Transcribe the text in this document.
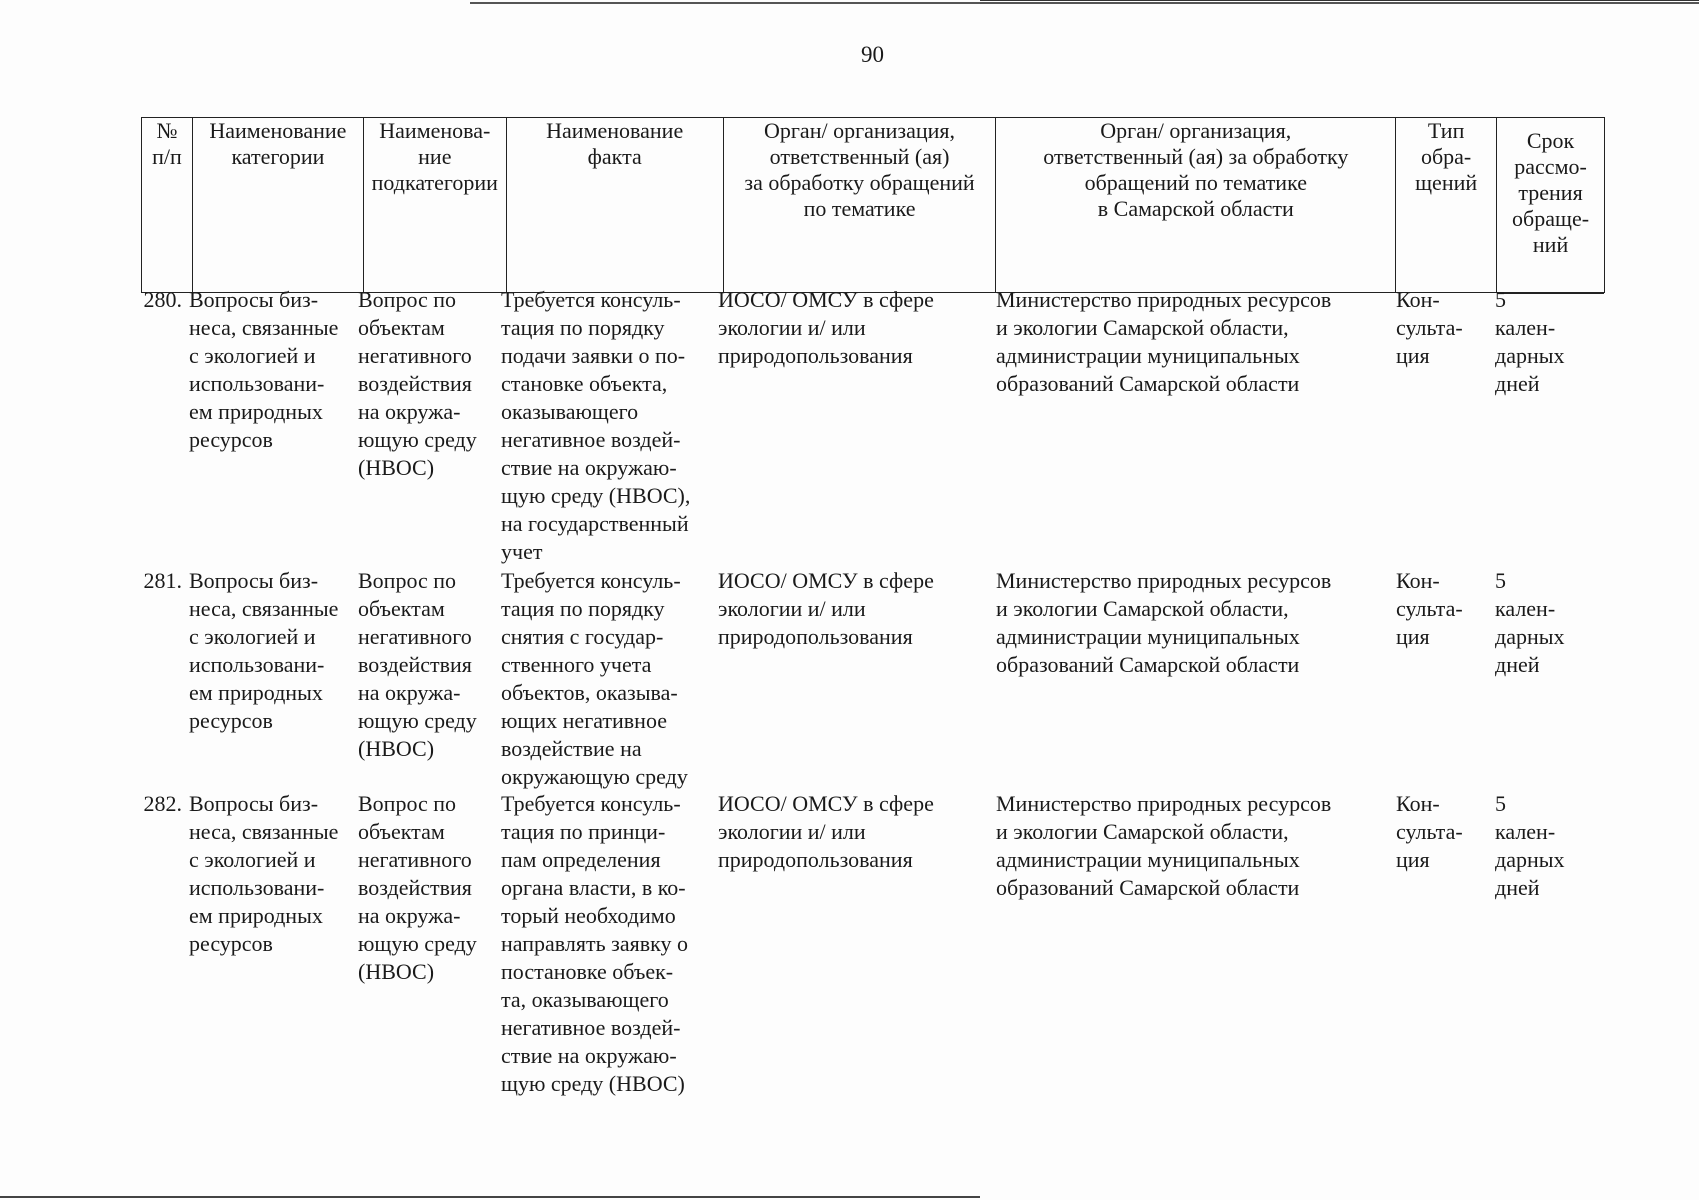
90
№
п/п
Наименование
категории
Наименова-
ние
подкатегории
Наименование
факта
Орган/ организация,
ответственный (ая)
за обработку обращений
по тематике
Орган/ организация,
ответственный (ая) за обработку
обращений по тематике
в Самарской области
Тип
обра-
щений
Срок
рассмо-
трения
обраще-
ний
280. Вопросы биз-
неса, связанные
с экологией и
использовани-
ем природных
ресурсов
Вопрос по
объектам
негативного
воздействия
на окружа-
ющую среду
(НВОС)
Требуется консуль-
тация по порядку
подачи заявки о по-
становке объекта,
оказывающего
негативное воздей-
ствие на окружаю-
щую среду (НВОС),
на государственный
учет
ИОСО/ ОМСУ в сфере
экологии и/ или
природопользования
Министерство природных ресурсов
и экологии Самарской области,
администрации муниципальных
образований Самарской области
Кон-
сульта-
ция
5
кален-
дарных
дней
281. Вопросы биз-
неса, связанные
с экологией и
использовани-
ем природных
ресурсов
Вопрос по
объектам
негативного
воздействия
на окружа-
ющую среду
(НВОС)
Требуется консуль-
тация по порядку
снятия с государ-
ственного учета
объектов, оказыва-
ющих негативное
воздействие на
окружающую среду
ИОСО/ ОМСУ в сфере
экологии и/ или
природопользования
Министерство природных ресурсов
и экологии Самарской области,
администрации муниципальных
образований Самарской области
Кон-
сульта-
ция
5
кален-
дарных
дней
282. Вопросы биз-
неса, связанные
с экологией и
использовани-
ем природных
ресурсов
Вопрос по
объектам
негативного
воздействия
на окружа-
ющую среду
(НВОС)
Требуется консуль-
тация по принци-
пам определения
органа власти, в ко-
торый необходимо
направлять заявку о
постановке объек-
та, оказывающего
негативное воздей-
ствие на окружаю-
щую среду (НВОС)
ИОСО/ ОМСУ в сфере
экологии и/ или
природопользования
Министерство природных ресурсов
и экологии Самарской области,
администрации муниципальных
образований Самарской области
Кон-
сульта-
ция
5
кален-
дарных
дней
